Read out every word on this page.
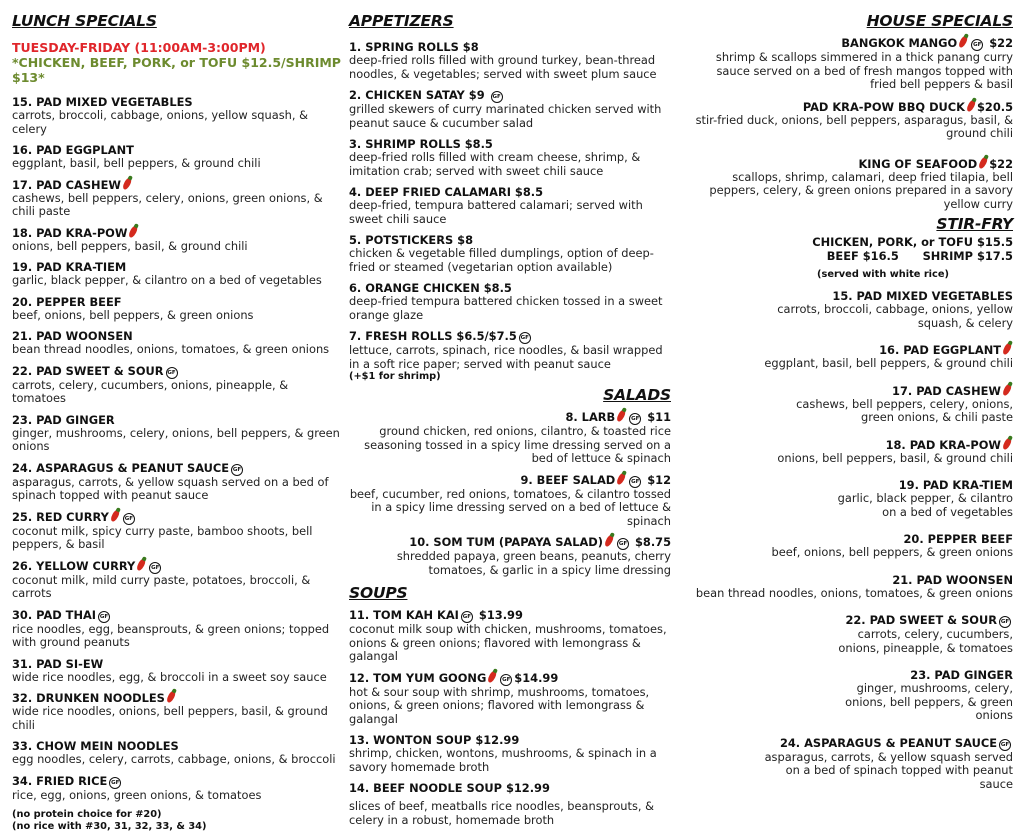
LUNCH SPECIALS
TUESDAY-FRIDAY (11:00AM-3:00PM)
*CHICKEN, BEEF, PORK, or TOFU $12.5/SHRIMP $13*
15. PAD MIXED VEGETABLES
carrots, broccoli, cabbage, onions, yellow squash, & celery
16. PAD EGGPLANT
eggplant, basil, bell peppers, & ground chili
17. PAD CASHEW
cashews, bell peppers, celery, onions, green onions, & chili paste
18. PAD KRA-POW
onions, bell peppers, basil, & ground chili
19. PAD KRA-TIEM
garlic, black pepper, & cilantro on a bed of vegetables
20. PEPPER BEEF
beef, onions, bell peppers, & green onions
21. PAD WOONSEN
bean thread noodles, onions, tomatoes, & green onions
22. PAD SWEET & SOUR GF
carrots, celery, cucumbers, onions, pineapple, & tomatoes
23. PAD GINGER
ginger, mushrooms, celery, onions, bell peppers, & green onions
24. ASPARAGUS & PEANUT SAUCE GF
asparagus, carrots, & yellow squash served on a bed of spinach topped with peanut sauce
25. RED CURRY	GF
coconut milk, spicy curry paste, bamboo shoots, bell peppers, & basil
26. YELLOW CURRY	GF
coconut milk, mild curry paste, potatoes, broccoli, & carrots
30. PAD THAI GF
rice noodles, egg, beansprouts, & green onions; topped with ground peanuts
31. PAD SI-EW
wide rice noodles, egg, & broccoli in a sweet soy sauce
32. DRUNKEN NOODLES
wide rice noodles, onions, bell peppers, basil, & ground chili
33. CHOW MEIN NOODLES
egg noodles, celery, carrots, cabbage, onions, & broccoli
34. FRIED RICE GF
rice, egg, onions, green onions, & tomatoes
(no protein choice for #20)
(no rice with #30, 31, 32, 33, & 34)
APPETIZERS
1. SPRING ROLLS $8
deep-fried rolls filled with ground turkey, bean-thread noodles, & vegetables; served with sweet plum sauce
2. CHICKEN SATAY $9 GF
grilled skewers of curry marinated chicken served with peanut sauce & cucumber salad
3. SHRIMP ROLLS $8.5
deep-fried rolls filled with cream cheese, shrimp, & imitation crab; served with sweet chili sauce
4. DEEP FRIED CALAMARI $8.5
deep-fried, tempura battered calamari; served with sweet chili sauce
5. POTSTICKERS $8
chicken & vegetable filled dumplings, option of deep-fried or steamed (vegetarian option available)
6. ORANGE CHICKEN $8.5
deep-fried tempura battered chicken tossed in a sweet orange glaze
7. FRESH ROLLS $6.5/$7.5 GF
lettuce, carrots, spinach, rice noodles, & basil wrapped in a soft rice paper; served with peanut sauce
(+$1 for shrimp)
SALADS
8. LARB	GF $11
ground chicken, red onions, cilantro, & toasted rice seasoning tossed in a spicy lime dressing served on a bed of lettuce & spinach
9. BEEF SALAD	GF $12
beef, cucumber, red onions, tomatoes, & cilantro tossed in a spicy lime dressing served on a bed of lettuce & spinach
10. SOM TUM (PAPAYA SALAD)	GF $8.75
shredded papaya, green beans, peanuts, cherry tomatoes, & garlic in a spicy lime dressing
SOUPS
11. TOM KAH KAI GF $13.99
coconut milk soup with chicken, mushrooms, tomatoes, onions & green onions; flavored with lemongrass & galangal
12. TOM YUM GOONG	GF $14.99
hot & sour soup with shrimp, mushrooms, tomatoes, onions, & green onions; flavored with lemongrass & galangal
13. WONTON SOUP $12.99
shrimp, chicken, wontons, mushrooms, & spinach in a savory homemade broth
14. BEEF NOODLE SOUP $12.99
slices of beef, meatballs rice noodles, beansprouts, & celery in a robust, homemade broth
HOUSE SPECIALS
BANGKOK MANGO	GF $22
shrimp & scallops simmered in a thick panang curry sauce served on a bed of fresh mangos topped with fried bell peppers & basil
PAD KRA-POW BBQ DUCK $20.5
stir-fried duck, onions, bell peppers, asparagus, basil, & ground chili
KING OF SEAFOOD $22
scallops, shrimp, calamari, deep fried tilapia, bell peppers, celery, & green onions prepared in a savory yellow curry
STIR-FRY
CHICKEN, PORK, or TOFU $15.5
BEEF $16.5      SHRIMP $17.5
(served with white rice)
15. PAD MIXED VEGETABLES
carrots, broccoli, cabbage, onions, yellow squash, & celery
16. PAD EGGPLANT
eggplant, basil, bell peppers, & ground chili
17. PAD CASHEW
cashews, bell peppers, celery, onions, green onions, & chili paste
18. PAD KRA-POW
onions, bell peppers, basil, & ground chili
19. PAD KRA-TIEM
garlic, black pepper, & cilantro on a bed of vegetables
20. PEPPER BEEF
beef, onions, bell peppers, & green onions
21. PAD WOONSEN
bean thread noodles, onions, tomatoes, & green onions
22. PAD SWEET & SOUR GF
carrots, celery, cucumbers, onions, pineapple, & tomatoes
23. PAD GINGER
ginger, mushrooms, celery, onions, bell peppers, & green onions
24. ASPARAGUS & PEANUT SAUCE GF
asparagus, carrots, & yellow squash served on a bed of spinach topped with peanut sauce
